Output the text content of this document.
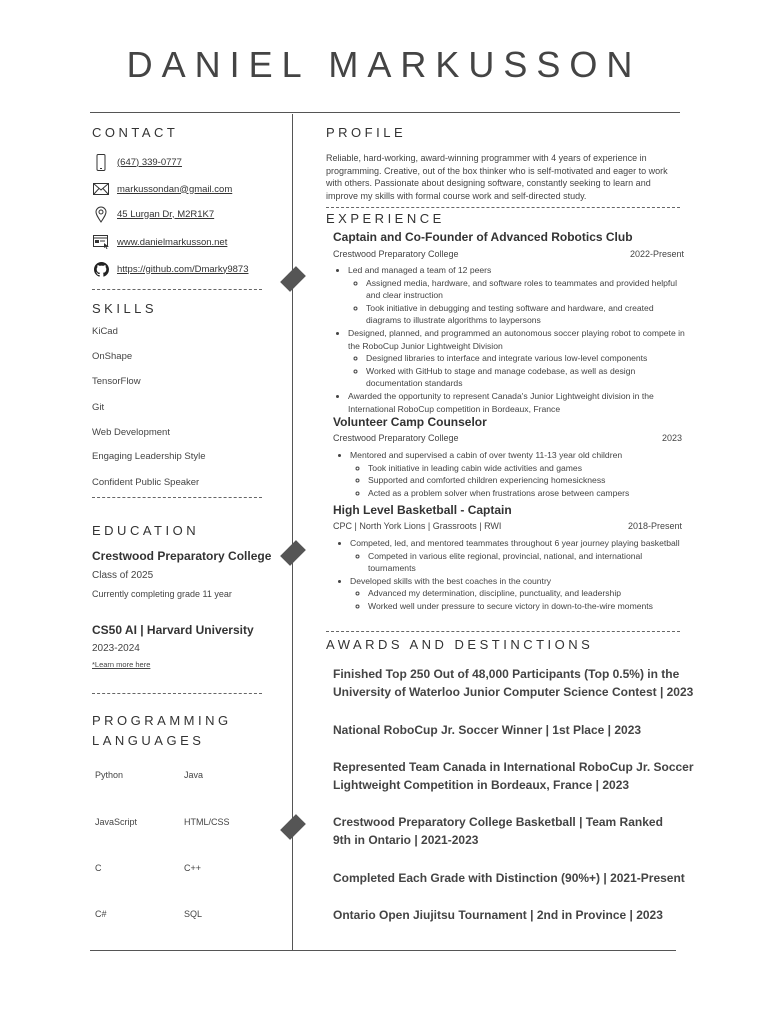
DANIEL MARKUSSON
CONTACT
(647) 339-0777
markussondan@gmail.com
45 Lurgan Dr, M2R1K7
www.danielmarkusson.net
https://github.com/Dmarky9873
SKILLS
KiCad
OnShape
TensorFlow
Git
Web Development
Engaging Leadership Style
Confident Public Speaker
EDUCATION
Crestwood Preparatory College
Class of 2025
Currently completing grade 11 year
CS50 AI | Harvard University
2023-2024
*Learn more here
PROGRAMMING
LANGUAGES
Python	Java
JavaScript	HTML/CSS
C	C++
C#	SQL
PROFILE
Reliable, hard-working, award-winning programmer with 4 years of experience in programming. Creative, out of the box thinker who is self-motivated and eager to work with others. Passionate about designing software, constantly seeking to learn and improve my skills with formal course work and self-directed study.
EXPERIENCE
Captain and Co-Founder of Advanced Robotics Club
Crestwood Preparatory College	2022-Present
• Led and managed a team of 12 peers
◦ Assigned media, hardware, and software roles to teammates and provided helpful and clear instruction
◦ Took initiative in debugging and testing software and hardware, and created diagrams to illustrate algorithms to laypersons
• Designed, planned, and programmed an autonomous soccer playing robot to compete in the RoboCup Junior Lightweight Division
◦ Designed libraries to interface and integrate various low-level components
◦ Worked with GitHub to stage and manage codebase, as well as design documentation standards
• Awarded the opportunity to represent Canada's Junior Lightweight division in the International RoboCup competition in Bordeaux, France
Volunteer Camp Counselor
Crestwood Preparatory College	2023
• Mentored and supervised a cabin of over twenty 11-13 year old children
◦ Took initiative in leading cabin wide activities and games
◦ Supported and comforted children experiencing homesickness
◦ Acted as a problem solver when frustrations arose between campers
High Level Basketball - Captain
CPC | North York Lions | Grassroots | RWI	2018-Present
• Competed, led, and mentored teammates throughout 6 year journey playing basketball
◦ Competed in various elite regional, provincial, national, and international tournaments
• Developed skills with the best coaches in the country
◦ Advanced my determination, discipline, punctuality, and leadership
◦ Worked well under pressure to secure victory in down-to-the-wire moments
AWARDS AND DESTINCTIONS
Finished Top 250 Out of 48,000 Participants (Top 0.5%) in the
University of Waterloo Junior Computer Science Contest | 2023
National RoboCup Jr. Soccer Winner | 1st Place | 2023
Represented Team Canada in International RoboCup Jr. Soccer
Lightweight Competition in Bordeaux, France | 2023
Crestwood Preparatory College Basketball | Team Ranked
9th in Ontario | 2021-2023
Completed Each Grade with Distinction (90%+) | 2021-Present
Ontario Open Jiujitsu Tournament | 2nd in Province | 2023
